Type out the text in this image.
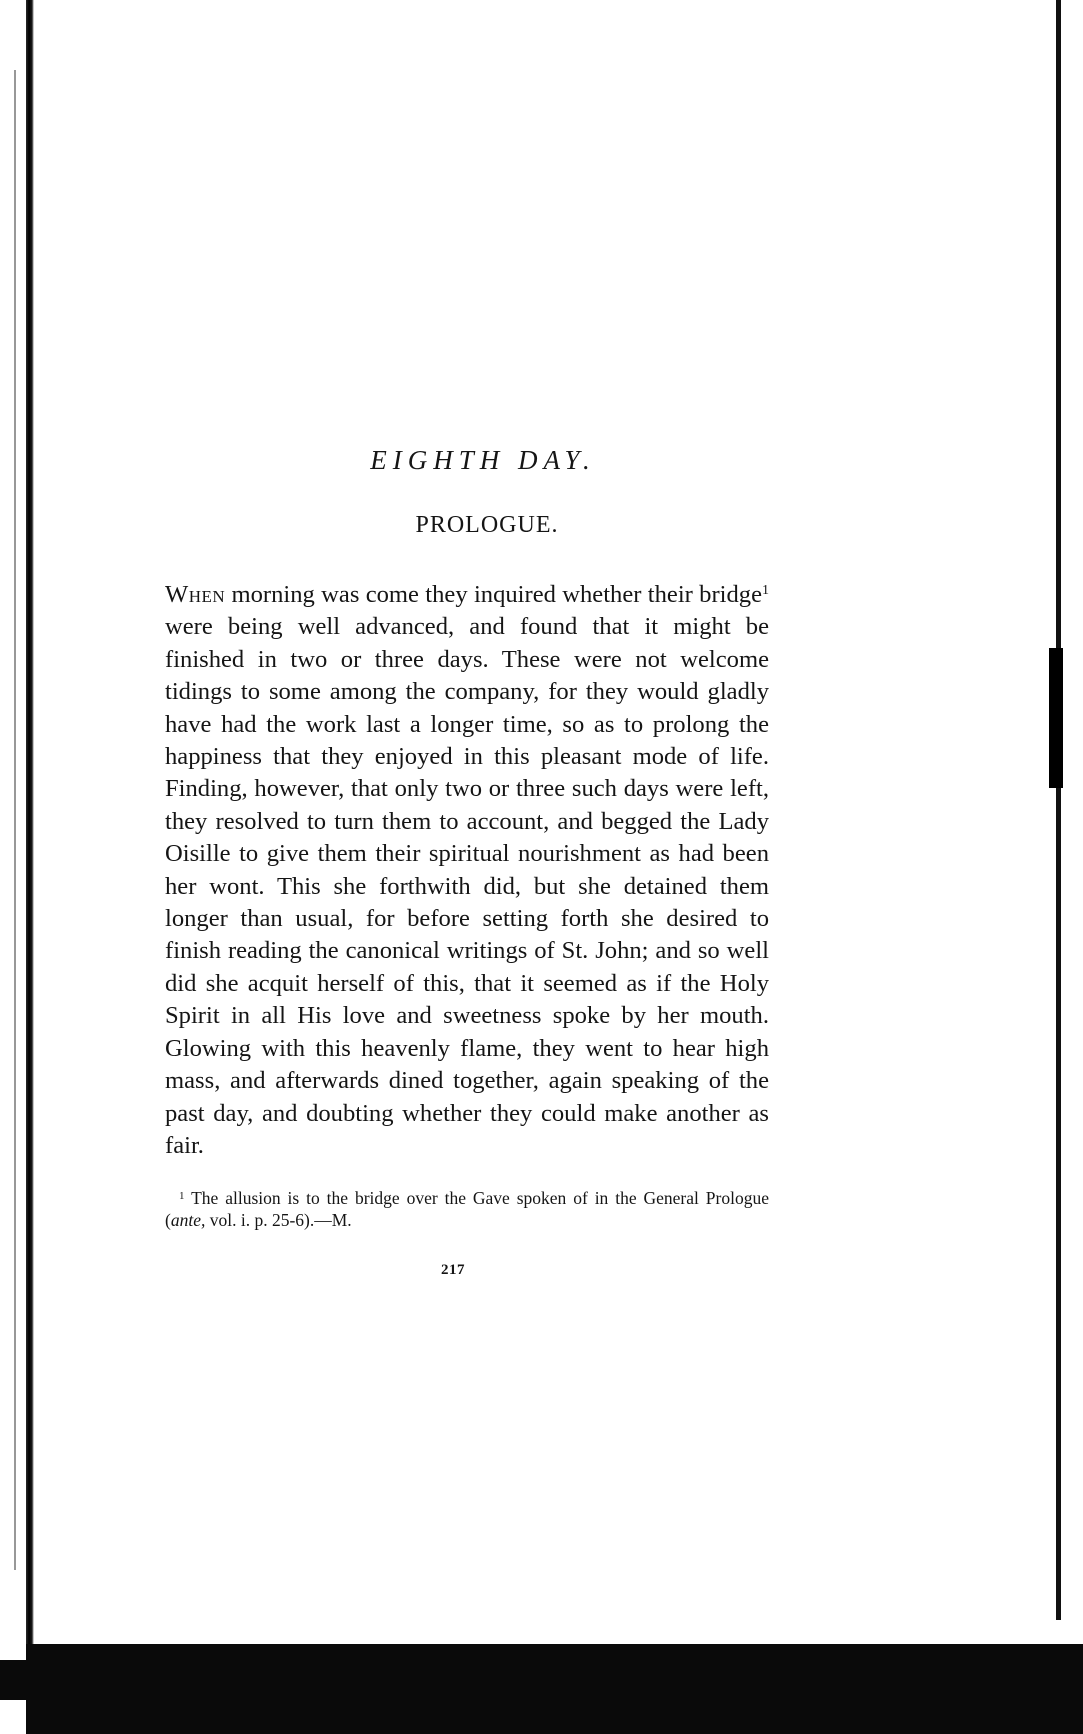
EIGHTH DAY.
PROLOGUE.

When morning was come they inquired whether their bridge$^1$ were being well advanced, and found that it might be finished in two or three days. These were not welcome tidings to some among the company, for they would gladly have had the work last a longer time, so as to prolong the happiness that they enjoyed in this pleasant mode of life. Finding, however, that only two or three such days were left, they resolved to turn them to account, and begged the Lady Oisille to give them their spiritual nourishment as had been her wont. This she forthwith did, but she detained them longer than usual, for before setting forth she desired to finish reading the canonical writings of St. John; and so well did she acquit herself of this, that it seemed as if the Holy Spirit in all His love and sweetness spoke by her mouth. Glowing with this heavenly flame, they went to hear high mass, and afterwards dined together, again speaking of the past day, and doubting whether they could make another as fair.

$^1$ The allusion is to the bridge over the Gave spoken of in the General Prologue (ante, vol. i. p. 25-6).—M.

217
